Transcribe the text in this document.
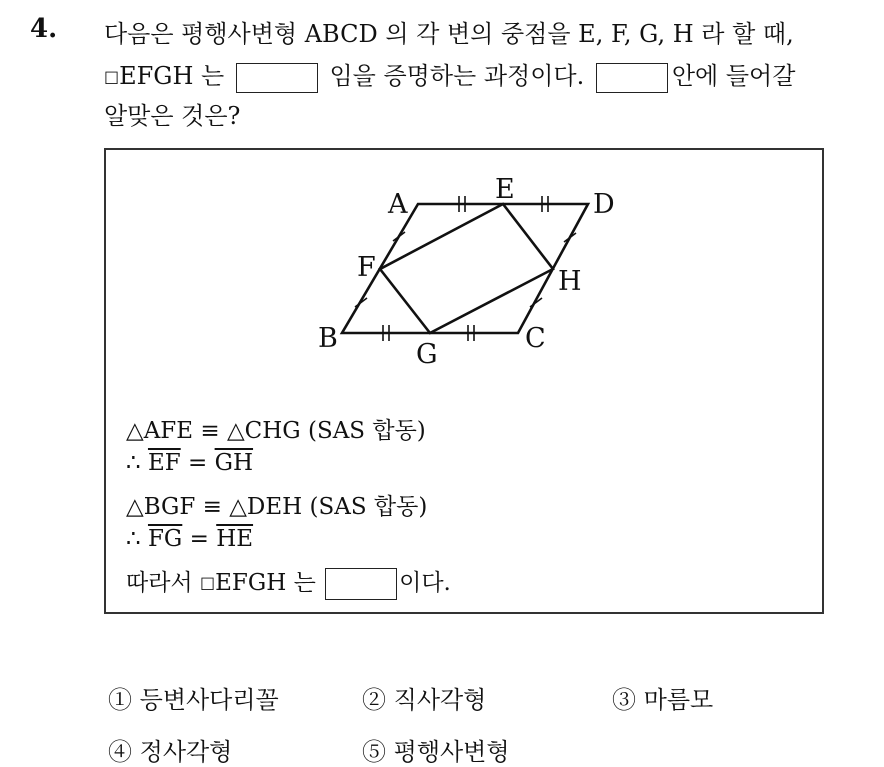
4. 다음은 평행사변형 ABCD 의 각 변의 중점을 E, F, G, H 라 할 때,
□EFGH 는	임을 증명하는 과정이다.	안에 들어갈
알맞은 것은?
A	E	D
F	H
B
G
C
△AFE ≡ △CHG (SAS 합동)
∴ $\overline{EF} = \overline{GH}$
△BGF ≡ △DEH (SAS 합동)
∴ $\overline{FG} = \overline{HE}$
따라서 □EFGH 는	이다.
① 등변사다리꼴	② 직사각형	③ 마름모
④ 정사각형	⑤ 평행사변형
